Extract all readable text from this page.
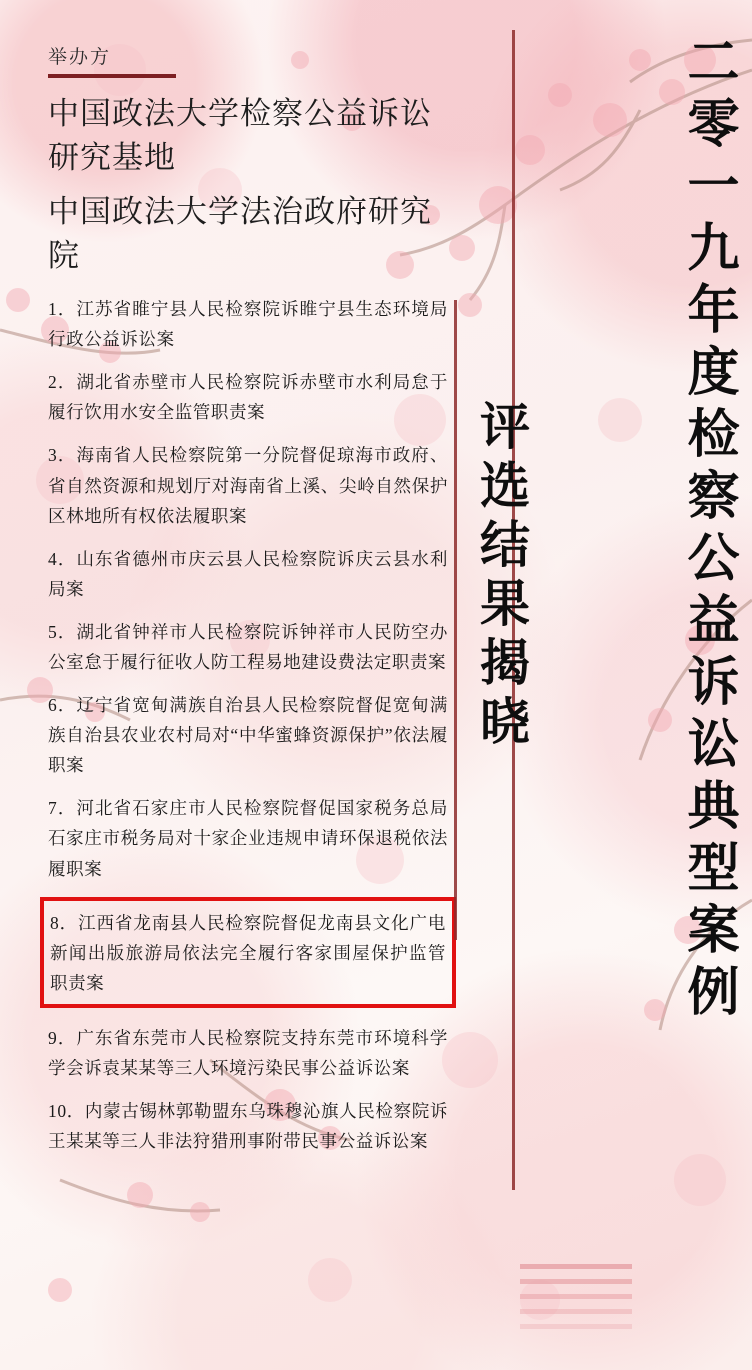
举办方
中国政法大学检察公益诉讼研究基地
中国政法大学法治政府研究院
1．江苏省睢宁县人民检察院诉睢宁县生态环境局行政公益诉讼案
2．湖北省赤壁市人民检察院诉赤壁市水利局怠于履行饮用水安全监管职责案
3．海南省人民检察院第一分院督促琼海市政府、省自然资源和规划厅对海南省上溪、尖岭自然保护区林地所有权依法履职案
4．山东省德州市庆云县人民检察院诉庆云县水利局案
5．湖北省钟祥市人民检察院诉钟祥市人民防空办公室怠于履行征收人防工程易地建设费法定职责案
6．辽宁省宽甸满族自治县人民检察院督促宽甸满族自治县农业农村局对“中华蜜蜂资源保护”依法履职案
7．河北省石家庄市人民检察院督促国家税务总局石家庄市税务局对十家企业违规申请环保退税依法履职案
8．江西省龙南县人民检察院督促龙南县文化广电新闻出版旅游局依法完全履行客家围屋保护监管职责案
9．广东省东莞市人民检察院支持东莞市环境科学学会诉袁某某等三人环境污染民事公益诉讼案
10．内蒙古锡林郭勒盟东乌珠穆沁旗人民检察院诉王某某等三人非法狩猎刑事附带民事公益诉讼案
二零一九年度检察公益诉讼典型案例
评选结果揭晓
